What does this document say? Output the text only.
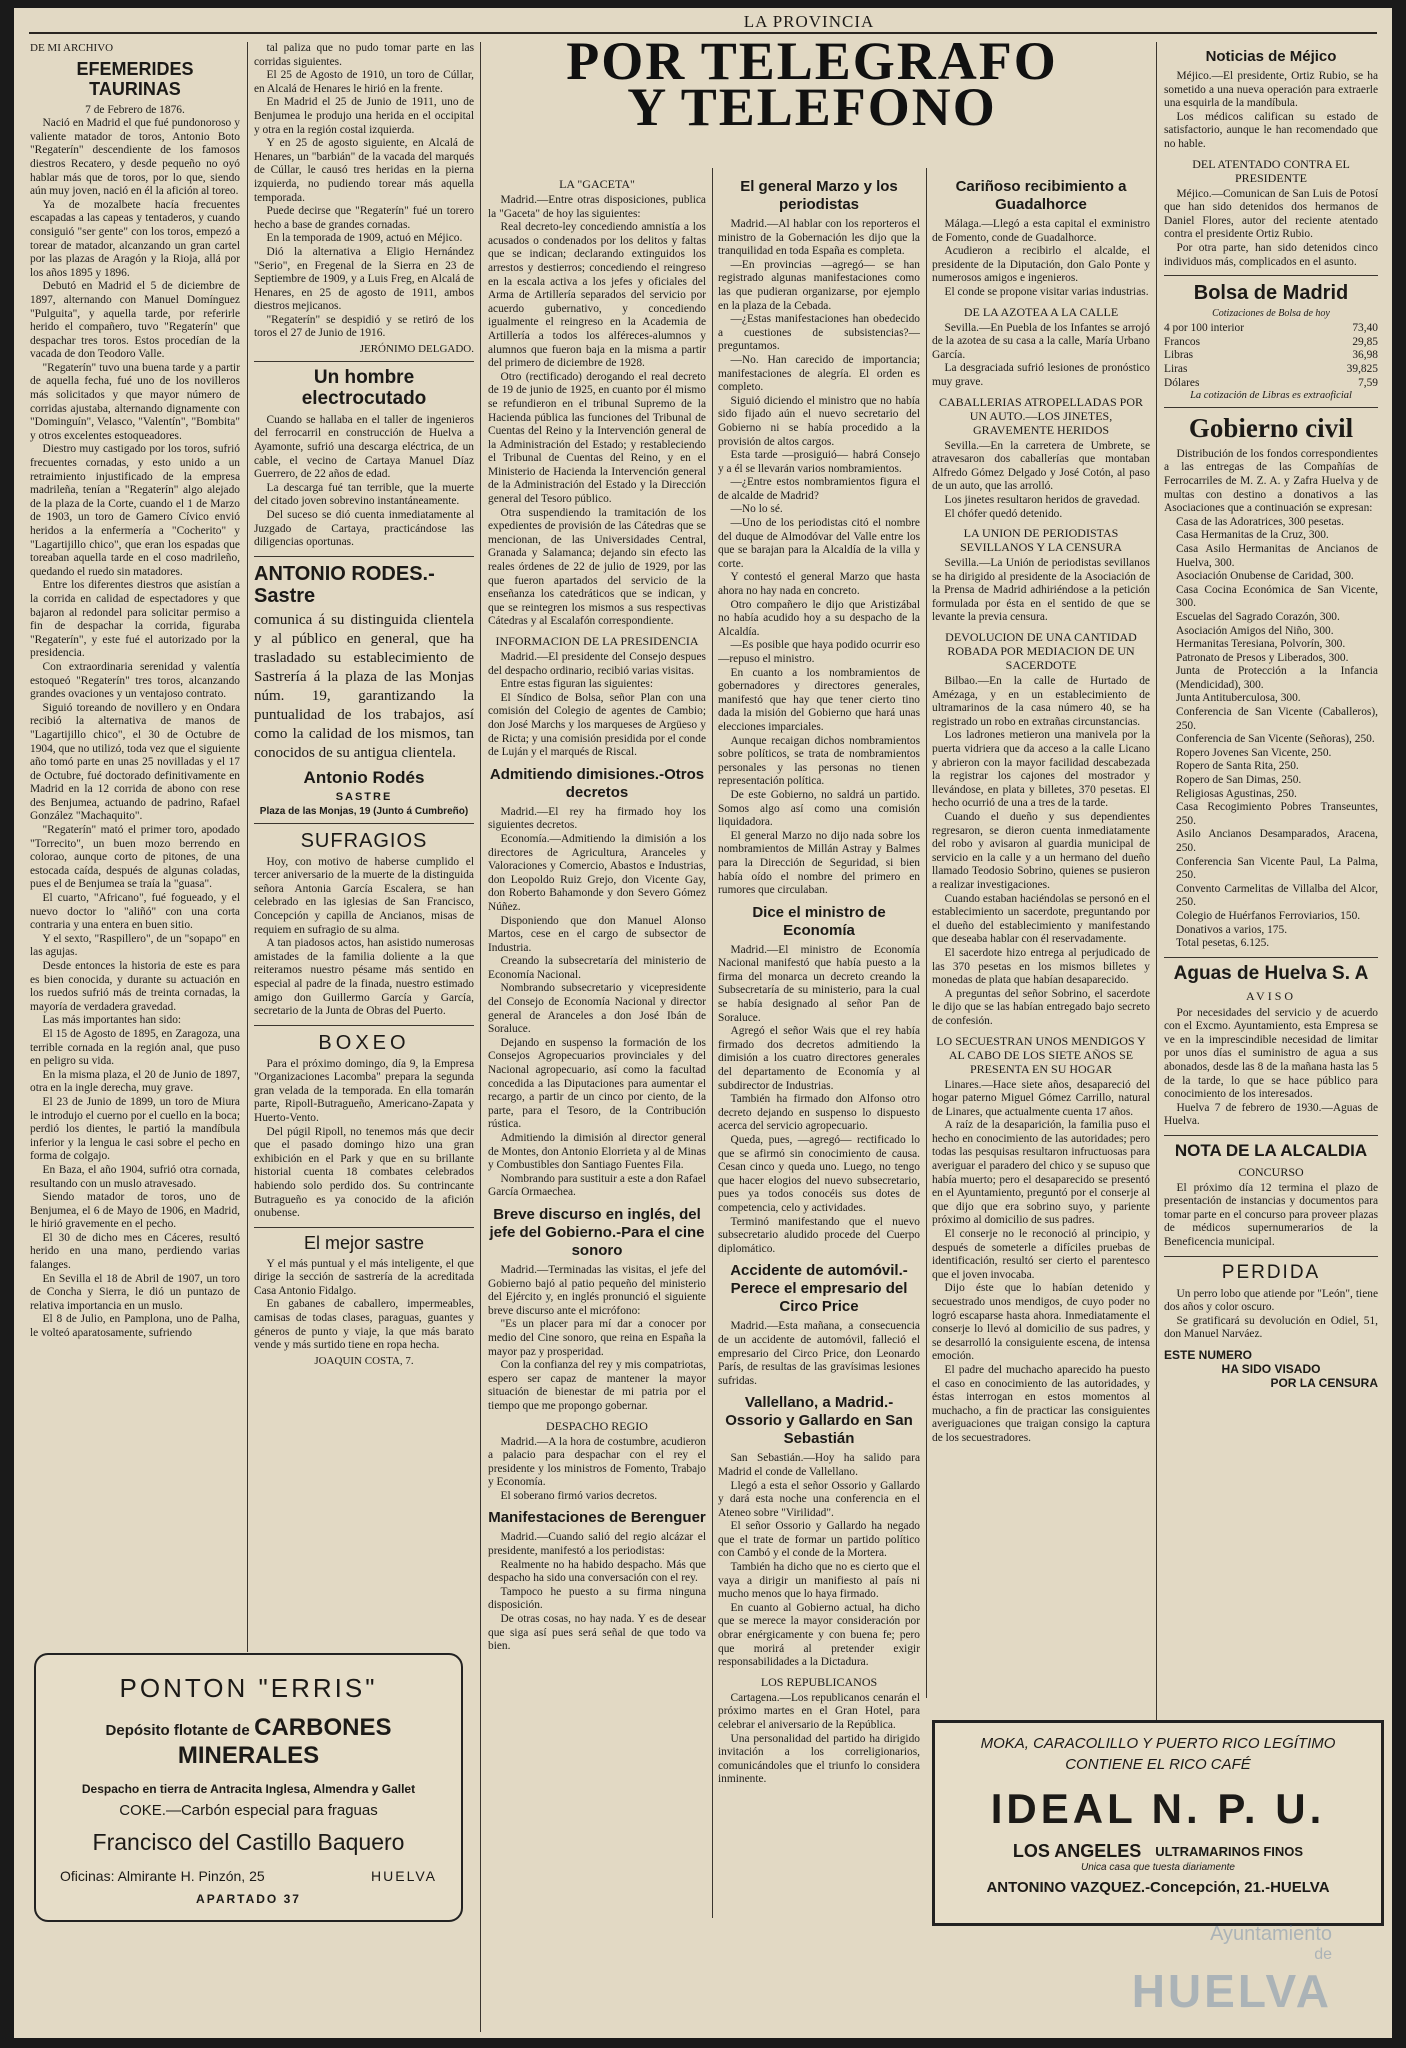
LA PROVINCIA
POR TELEGRAFO
Y TELEFONO
DE MI ARCHIVO
EFEMERIDES TAURINAS

7 de Febrero de 1876.

Nació en Madrid el que fué pundonoroso y valiente matador de toros, Antonio Boto "Regaterín" descendiente de los famosos diestros Recatero, y desde pequeño no oyó hablar más que de toros, por lo que, siendo aún muy joven, nació en él la afición al toreo.

Ya de mozalbete hacía frecuentes escapadas a las capeas y tentaderos, y cuando consiguió "ser gente" con los toros, empezó a torear de matador, alcanzando un gran cartel por las plazas de Aragón y la Rioja, allá por los años 1895 y 1896.

Debutó en Madrid el 5 de diciembre de 1897, alternando con Manuel Domínguez "Pulguita", y aquella tarde, por referirle herido el compañero, tuvo "Regaterín" que despachar tres toros. Estos procedían de la vacada de don Teodoro Valle.

"Regaterín" tuvo una buena tarde y a partir de aquella fecha, fué uno de los novilleros más solicitados y que mayor número de corridas ajustaba, alternando dignamente con "Dominguín", Velasco, "Valentín", "Bombita" y otros excelentes estoqueadores.

Diestro muy castigado por los toros, sufrió frecuentes cornadas, y esto unido a un retraimiento injustificado de la empresa madrileña, tenían a "Regaterín" algo alejado de la plaza de la Corte, cuando el 1 de Marzo de 1903, un toro de Gamero Cívico envió heridos a la enfermería a "Cocherito" y "Lagartijillo chico", que eran los espadas que toreaban aquella tarde en el coso madrileño, quedando el ruedo sin matadores.

Entre los diferentes diestros que asistían a la corrida en calidad de espectadores y que bajaron al redondel para solicitar permiso a fin de despachar la corrida, figuraba "Regaterín", y este fué el autorizado por la presidencia.

Con extraordinaria serenidad y valentía estoqueó "Regaterín" tres toros, alcanzando grandes ovaciones y un ventajoso contrato.

Siguió toreando de novillero y en Ondara recibió la alternativa de manos de "Lagartijillo chico", el 30 de Octubre de 1904, que no utilizó, toda vez que el siguiente año tomó parte en unas 25 novilladas y el 17 de Octubre, fué doctorado definitivamente en Madrid en la 12 corrida de abono con rese des Benjumea, actuando de padrino, Rafael González "Machaquito".

"Regaterín" mató el primer toro, apodado "Torrecito", un buen mozo berrendo en colorao, aunque corto de pitones, de una estocada caída, después de algunas coladas, pues el de Benjumea se traía la "guasa".

El cuarto, "Africano", fué fogueado, y el nuevo doctor lo "aliñó" con una corta contraria y una entera en buen sitio.

Y el sexto, "Raspillero", de un "sopapo" en las agujas.

Desde entonces la historia de este es para es bien conocida, y durante su actuación en los ruedos sufrió más de treinta cornadas, la mayoría de verdadera gravedad.

Las más importantes han sido:

El 15 de Agosto de 1895, en Zaragoza, una terrible cornada en la región anal, que puso en peligro su vida.

En la misma plaza, el 20 de Junio de 1897, otra en la ingle derecha, muy grave.

El 23 de Junio de 1899, un toro de Miura le introdujo el cuerno por el cuello en la boca; perdió los dientes, le partió la mandíbula inferior y la lengua le casi sobre el pecho en forma de colgajo.

En Baza, el año 1904, sufrió otra cornada, resultando con un muslo atravesado.

Siendo matador de toros, uno de Benjumea, el 6 de Mayo de 1906, en Madrid, le hirió gravemente en el pecho.

El 30 de dicho mes en Cáceres, resultó herido en una mano, perdiendo varias falanges.

En Sevilla el 18 de Abril de 1907, un toro de Concha y Sierra, le dió un puntazo de relativa importancia en un muslo.

El 8 de Julio, en Pamplona, uno de Palha, le volteó aparatosamente, sufriendo

tal paliza que no pudo tomar parte en las corridas siguientes.

El 25 de Agosto de 1910, un toro de Cúllar, en Alcalá de Henares le hirió en la frente.

En Madrid el 25 de Junio de 1911, uno de Benjumea le produjo una herida en el occipital y otra en la región costal izquierda.

Y en 25 de agosto siguiente, en Alcalá de Henares, un "barbián" de la vacada del marqués de Cúllar, le causó tres heridas en la pierna izquierda, no pudiendo torear más aquella temporada.

Puede decirse que "Regaterín" fué un torero hecho a base de grandes cornadas.

En la temporada de 1909, actuó en Méjico.

Dió la alternativa a Eligio Hernández "Serio", en Fregenal de la Sierra en 23 de Septiembre de 1909, y a Luis Freg, en Alcalá de Henares, en 25 de agosto de 1911, ambos diestros mejicanos.

"Regaterín" se despidió y se retiró de los toros el 27 de Junio de 1916.

JERÓNIMO DELGADO.
Un hombre electrocutado

Cuando se hallaba en el taller de ingenieros del ferrocarril en construcción de Huelva a Ayamonte, sufrió una descarga eléctrica, de un cable, el vecino de Cartaya Manuel Díaz Guerrero, de 22 años de edad.

La descarga fué tan terrible, que la muerte del citado joven sobrevino instantáneamente.

Del suceso se dió cuenta inmediatamente al Juzgado de Cartaya, practicándose las diligencias oportunas.

ANTONIO RODES.-Sastre

comunica á su distinguida clientela y al público en general, que ha trasladado su establecimiento de Sastrería á la plaza de las Monjas núm. 19, garantizando la puntualidad de los trabajos, así como la calidad de los mismos, tan conocidos de su antigua clientela.

Antonio Rodés
SASTRE
Plaza de las Monjas, 19 (Junto á Cumbreño)
SUFRAGIOS

Hoy, con motivo de haberse cumplido el tercer aniversario de la muerte de la distinguida señora Antonia García Escalera, se han celebrado en las iglesias de San Francisco, Concepción y capilla de Ancianos, misas de requiem en sufragio de su alma.

A tan piadosos actos, han asistido numerosas amistades de la familia doliente a la que reiteramos nuestro pésame más sentido en especial al padre de la finada, nuestro estimado amigo don Guillermo García y García, secretario de la Junta de Obras del Puerto.

BOXEO

Para el próximo domingo, día 9, la Empresa "Organizaciones Lacomba" prepara la segunda gran velada de la temporada. En ella tomarán parte, Ripoll-Butragueño, Americano-Zapata y Huerto-Vento.

Del púgil Ripoll, no tenemos más que decir que el pasado domingo hizo una gran exhibición en el Park y que en su brillante historial cuenta 18 combates celebrados habiendo solo perdido dos. Su contrincante Butragueño es ya conocido de la afición onubense.

El mejor sastre

Y el más puntual y el más inteligente, el que dirige la sección de sastrería de la acreditada Casa Antonio Fidalgo.

En gabanes de caballero, impermeables, camisas de todas clases, paraguas, guantes y géneros de punto y viaje, la que más barato vende y más surtido tiene en ropa hecha.

JOAQUIN COSTA, 7.
PONTON "ERRIS"
Depósito flotante de CARBONES MINERALES
Despacho en tierra de Antracita Inglesa, Almendra y Gallet
COKE.—Carbón especial para fraguas
Francisco del Castillo Baquero
Oficinas: Almirante H. Pinzón, 25	HUELVA
APARTADO 37
LA "GACETA"

Madrid.—Entre otras disposiciones, publica la "Gaceta" de hoy las siguientes:

Real decreto-ley concediendo amnistía a los acusados o condenados por los delitos y faltas que se indican; declarando extinguidos los arrestos y destierros; concediendo el reingreso en la escala activa a los jefes y oficiales del Arma de Artillería separados del servicio por acuerdo gubernativo, y concediendo igualmente el reingreso en la Academia de Artillería a todos los alféreces-alumnos y alumnos que fueron baja en la misma a partir del primero de diciembre de 1928.

Otro (rectificado) derogando el real decreto de 19 de junio de 1925, en cuanto por él mismo se refundieron en el tribunal Supremo de la Hacienda pública las funciones del Tribunal de Cuentas del Reino y la Intervención general de la Administración del Estado; y restableciendo el Tribunal de Cuentas del Reino, y en el Ministerio de Hacienda la Intervención general de la Administración del Estado y la Dirección general del Tesoro público.

Otra suspendiendo la tramitación de los expedientes de provisión de las Cátedras que se mencionan, de las Universidades Central, Granada y Salamanca; dejando sin efecto las reales órdenes de 22 de julio de 1929, por las que fueron apartados del servicio de la enseñanza los catedráticos que se indican, y que se reintegren los mismos a sus respectivas Cátedras y al Escalafón correspondiente.

INFORMACION DE LA PRESIDENCIA

Madrid.—El presidente del Consejo despues del despacho ordinario, recibió varias visitas.

Entre estas figuran las siguientes:

El Síndico de Bolsa, señor Plan con una comisión del Colegio de agentes de Cambio; don José Marchs y los marqueses de Argüeso y de Ricta; y una comisión presidida por el conde de Luján y el marqués de Riscal.

Admitiendo dimisiones.-Otros decretos

Madrid.—El rey ha firmado hoy los siguientes decretos.

Economía.—Admitiendo la dimisión a los directores de Agricultura, Aranceles y Valoraciones y Comercio, Abastos e Industrias, don Leopoldo Ruiz Grejo, don Vicente Gay, don Roberto Bahamonde y don Severo Gómez Núñez.

Disponiendo que don Manuel Alonso Martos, cese en el cargo de subsector de Industria.

Creando la subsecretaría del ministerio de Economía Nacional.

Nombrando subsecretario y vicepresidente del Consejo de Economía Nacional y director general de Aranceles a don José Ibán de Soraluce.

Dejando en suspenso la formación de los Consejos Agropecuarios provinciales y del Nacional agropecuario, así como la facultad concedida a las Diputaciones para aumentar el recargo, a partir de un cinco por ciento, de la parte, para el Tesoro, de la Contribución rústica.

Admitiendo la dimisión al director general de Montes, don Antonio Elorrieta y al de Minas y Combustibles don Santiago Fuentes Fila.

Nombrando para sustituir a este a don Rafael García Ormaechea.

Breve discurso en inglés, del jefe del Gobierno.-Para el cine sonoro

Madrid.—Terminadas las visitas, el jefe del Gobierno bajó al patio pequeño del ministerio del Ejército y, en inglés pronunció el siguiente breve discurso ante el micrófono:

"Es un placer para mí dar a conocer por medio del Cine sonoro, que reina en España la mayor paz y prosperidad.

Con la confianza del rey y mis compatriotas, espero ser capaz de mantener la mayor situación de bienestar de mi patria por el tiempo que me propongo gobernar.

DESPACHO REGIO

Madrid.—A la hora de costumbre, acudieron a palacio para despachar con el rey el presidente y los ministros de Fomento, Trabajo y Economía.

El soberano firmó varios decretos.

Manifestaciones de Berenguer

Madrid.—Cuando salió del regio alcázar el presidente, manifestó a los periodistas:

Realmente no ha habido despacho. Más que despacho ha sido una conversación con el rey.

Tampoco he puesto a su firma ninguna disposición.

De otras cosas, no hay nada. Y es de desear que siga así pues será señal de que todo va bien.

El general Marzo y los periodistas

Madrid.—Al hablar con los reporteros el ministro de la Gobernación les dijo que la tranquilidad en toda España es completa.

—En provincias —agregó— se han registrado algunas manifestaciones como las que pudieran organizarse, por ejemplo en la plaza de la Cebada.

—¿Estas manifestaciones han obedecido a cuestiones de subsistencias?—preguntamos.

—No. Han carecido de importancia; manifestaciones de alegría. El orden es completo.

Siguió diciendo el ministro que no había sido fijado aún el nuevo secretario del Gobierno ni se había procedido a la provisión de altos cargos.

Esta tarde —prosiguió— habrá Consejo y a él se llevarán varios nombramientos.

—¿Entre estos nombramientos figura el de alcalde de Madrid?

—No lo sé.

—Uno de los periodistas citó el nombre del duque de Almodóvar del Valle entre los que se barajan para la Alcaldía de la villa y corte.

Y contestó el general Marzo que hasta ahora no hay nada en concreto.

Otro compañero le dijo que Aristizábal no había acudido hoy a su despacho de la Alcaldía.

—Es posible que haya podido ocurrir eso —repuso el ministro.

En cuanto a los nombramientos de gobernadores y directores generales, manifestó que hay que tener cierto tino dada la misión del Gobierno que hará unas elecciones imparciales.

Aunque recaigan dichos nombramientos sobre políticos, se trata de nombramientos personales y las personas no tienen representación política.

De este Gobierno, no saldrá un partido. Somos algo así como una comisión liquidadora.

El general Marzo no dijo nada sobre los nombramientos de Millán Astray y Balmes para la Dirección de Seguridad, si bien había oído el nombre del primero en rumores que circulaban.

Dice el ministro de Economía

Madrid.—El ministro de Economía Nacional manifestó que había puesto a la firma del monarca un decreto creando la Subsecretaría de su ministerio, para la cual se había designado al señor Pan de Soraluce.

Agregó el señor Wais que el rey había firmado dos decretos admitiendo la dimisión a los cuatro directores generales del departamento de Economía y al subdirector de Industrias.

También ha firmado don Alfonso otro decreto dejando en suspenso lo dispuesto acerca del servicio agropecuario.

Queda, pues, —agregó— rectificado lo que se afirmó sin conocimiento de causa. Cesan cinco y queda uno. Luego, no tengo que hacer elogios del nuevo subsecretario, pues ya todos conocéis sus dotes de competencia, celo y actividades.

Terminó manifestando que el nuevo subsecretario aludido procede del Cuerpo diplomático.

Accidente de automóvil.-Perece el empresario del Circo Price

Madrid.—Esta mañana, a consecuencia de un accidente de automóvil, falleció el empresario del Circo Price, don Leonardo París, de resultas de las gravísimas lesiones sufridas.

Vallellano, a Madrid.-Ossorio y Gallardo en San Sebastián

San Sebastián.—Hoy ha salido para Madrid el conde de Vallellano.

Llegó a esta el señor Ossorio y Gallardo y dará esta noche una conferencia en el Ateneo sobre "Virilidad".

El señor Ossorio y Gallardo ha negado que el trate de formar un partido político con Cambó y el conde de la Mortera.

También ha dicho que no es cierto que el vaya a dirigir un manifiesto al país ni mucho menos que lo haya firmado.

En cuanto al Gobierno actual, ha dicho que se merece la mayor consideración por obrar enérgicamente y con buena fe; pero que morirá al pretender exigir responsabilidades a la Dictadura.

LOS REPUBLICANOS

Cartagena.—Los republicanos cenarán el próximo martes en el Gran Hotel, para celebrar el aniversario de la República.

Una personalidad del partido ha dirigido invitación a los correligionarios, comunicándoles que el triunfo lo considera inminente.

Cariñoso recibimiento a Guadalhorce

Málaga.—Llegó a esta capital el exministro de Fomento, conde de Guadalhorce.

Acudieron a recibirlo el alcalde, el presidente de la Diputación, don Galo Ponte y numerosos amigos e ingenieros.

El conde se propone visitar varias industrias.

DE LA AZOTEA A LA CALLE

Sevilla.—En Puebla de los Infantes se arrojó de la azotea de su casa a la calle, María Urbano García.

La desgraciada sufrió lesiones de pronóstico muy grave.

CABALLERIAS ATROPELLADAS POR UN AUTO.—LOS JINETES, GRAVEMENTE HERIDOS

Sevilla.—En la carretera de Umbrete, se atravesaron dos caballerías que montaban Alfredo Gómez Delgado y José Cotón, al paso de un auto, que las arrolló.

Los jinetes resultaron heridos de gravedad.

El chófer quedó detenido.

LA UNION DE PERIODISTAS SEVILLANOS Y LA CENSURA

Sevilla.—La Unión de periodistas sevillanos se ha dirigido al presidente de la Asociación de la Prensa de Madrid adhiriéndose a la petición formulada por ésta en el sentido de que se levante la previa censura.

DEVOLUCION DE UNA CANTIDAD ROBADA POR MEDIACION DE UN SACERDOTE

Bilbao.—En la calle de Hurtado de Amézaga, y en un establecimiento de ultramarinos de la casa número 40, se ha registrado un robo en extrañas circunstancias.

Los ladrones metieron una manivela por la puerta vidriera que da acceso a la calle Licano y abrieron con la mayor facilidad descabezada la registrar los cajones del mostrador y llevándose, en plata y billetes, 370 pesetas. El hecho ocurrió de una a tres de la tarde.

Cuando el dueño y sus dependientes regresaron, se dieron cuenta inmediatamente del robo y avisaron al guardia municipal de servicio en la calle y a un hermano del dueño llamado Teodosio Sobrino, quienes se pusieron a realizar investigaciones.

Cuando estaban haciéndolas se personó en el establecimiento un sacerdote, preguntando por el dueño del establecimiento y manifestando que deseaba hablar con él reservadamente.

El sacerdote hizo entrega al perjudicado de las 370 pesetas en los mismos billetes y monedas de plata que habían desaparecido.

A preguntas del señor Sobrino, el sacerdote le dijo que se las habían entregado bajo secreto de confesión.

LO SECUESTRAN UNOS MENDIGOS Y AL CABO DE LOS SIETE AÑOS SE PRESENTA EN SU HOGAR

Linares.—Hace siete años, desapareció del hogar paterno Miguel Gómez Carrillo, natural de Linares, que actualmente cuenta 17 años.

A raíz de la desaparición, la familia puso el hecho en conocimiento de las autoridades; pero todas las pesquisas resultaron infructuosas para averiguar el paradero del chico y se supuso que había muerto; pero el desaparecido se presentó en el Ayuntamiento, preguntó por el conserje al que dijo que era sobrino suyo, y pariente próximo al domicilio de sus padres.

El conserje no le reconoció al principio, y después de someterle a difíciles pruebas de identificación, resultó ser cierto el parentesco que el joven invocaba.

Dijo éste que lo habían detenido y secuestrado unos mendigos, de cuyo poder no logró escaparse hasta ahora. Inmediatamente el conserje lo llevó al domicilio de sus padres, y se desarrolló la consiguiente escena, de intensa emoción.

El padre del muchacho aparecido ha puesto el caso en conocimiento de las autoridades, y éstas interrogan en estos momentos al muchacho, a fin de practicar las consiguientes averiguaciones que traigan consigo la captura de los secuestradores.

Noticias de Méjico

Méjico.—El presidente, Ortiz Rubio, se ha sometido a una nueva operación para extraerle una esquirla de la mandíbula.

Los médicos califican su estado de satisfactorio, aunque le han recomendado que no hable.

DEL ATENTADO CONTRA EL PRESIDENTE

Méjico.—Comunican de San Luis de Potosí que han sido detenidos dos hermanos de Daniel Flores, autor del reciente atentado contra el presidente Ortiz Rubio.

Por otra parte, han sido detenidos cinco individuos más, complicados en el asunto.

Bolsa de Madrid
Cotizaciones de Bolsa de hoy
4 por 100 interior	73,40
Francos	29,85
Libras	36,98
Liras	39,825
Dólares	7,59
La cotización de Libras es extraoficial
Gobierno civil

Distribución de los fondos correspondientes a las entregas de las Compañías de Ferrocarriles de M. Z. A. y Zafra Huelva y de multas con destino a donativos a las Asociaciones que a continuación se expresan:

Casa de las Adoratrices, 300 pesetas.

Casa Hermanitas de la Cruz, 300.

Casa Asilo Hermanitas de Ancianos de Huelva, 300.

Asociación Onubense de Caridad, 300.

Casa Cocina Económica de San Vicente, 300.

Escuelas del Sagrado Corazón, 300.

Asociación Amigos del Niño, 300.

Hermanitas Teresiana, Polvorín, 300.

Patronato de Presos y Liberados, 300.

Junta de Protección a la Infancia (Mendicidad), 300.

Junta Antituberculosa, 300.

Conferencia de San Vicente (Caballeros), 250.

Conferencia de San Vicente (Señoras), 250.

Ropero Jovenes San Vicente, 250.

Ropero de Santa Rita, 250.

Ropero de San Dimas, 250.

Religiosas Agustinas, 250.

Casa Recogimiento Pobres Transeuntes, 250.

Asilo Ancianos Desamparados, Aracena, 250.

Conferencia San Vicente Paul, La Palma, 250.

Convento Carmelitas de Villalba del Alcor, 250.

Colegio de Huérfanos Ferroviarios, 150.

Donativos a varios, 175.

Total pesetas, 6.125.

Aguas de Huelva S. A
AVISO

Por necesidades del servicio y de acuerdo con el Excmo. Ayuntamiento, esta Empresa se ve en la imprescindible necesidad de limitar por unos días el suministro de agua a sus abonados, desde las 8 de la mañana hasta las 5 de la tarde, lo que se hace público para conocimiento de los interesados.

Huelva 7 de febrero de 1930.—Aguas de Huelva.

NOTA DE LA ALCALDIA
CONCURSO

El próximo día 12 termina el plazo de presentación de instancias y documentos para tomar parte en el concurso para proveer plazas de médicos supernumerarios de la Beneficencia municipal.

PERDIDA

Un perro lobo que atiende por "León", tiene dos años y color oscuro.

Se gratificará su devolución en Odiel, 51, don Manuel Narváez.

ESTE NUMERO
HA SIDO VISADO
POR LA CENSURA
MOKA, CARACOLILLO Y PUERTO RICO LEGÍTIMO
CONTIENE EL RICO CAFÉ
IDEAL N. P. U.
LOS ANGELES ULTRAMARINOS FINOS
Unica casa que tuesta diariamente
ANTONINO VAZQUEZ.-Concepción, 21.-HUELVA
Ayuntamiento
de
HUELVA
